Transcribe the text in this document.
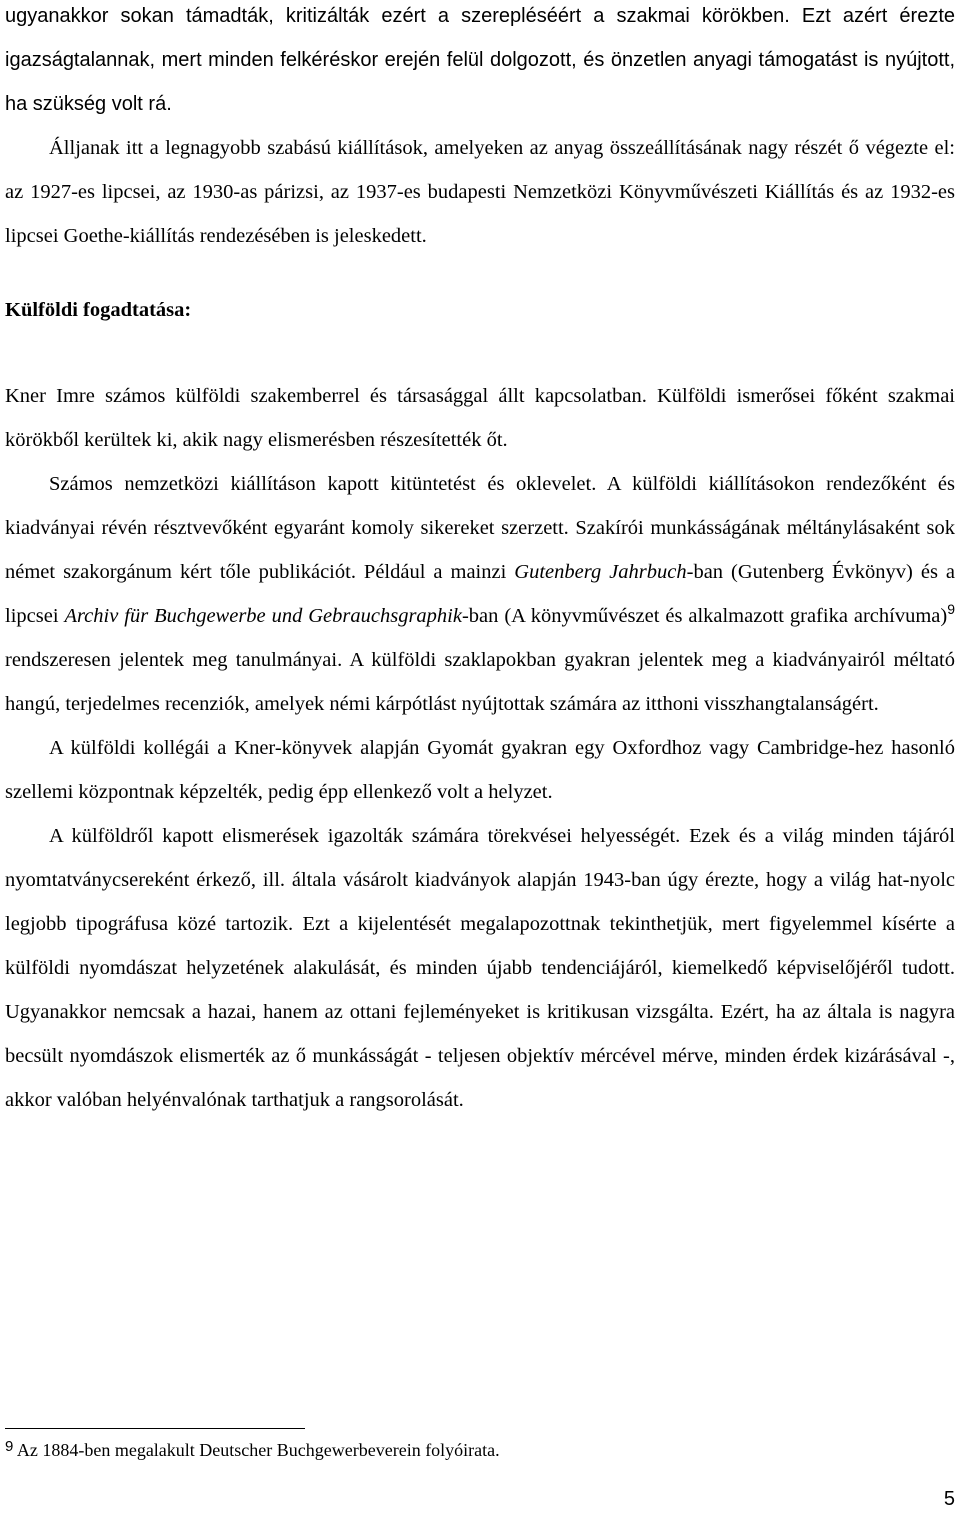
ugyanakkor sokan támadták, kritizálták ezért a szerepléséért a szakmai körökben. Ezt azért érezte igazságtalannak, mert minden felkéréskor erején felül dolgozott, és önzetlen anyagi támogatást is nyújtott, ha szükség volt rá.

Álljanak itt a legnagyobb szabású kiállítások, amelyeken az anyag összeállításának nagy részét ő végezte el: az 1927-es lipcsei, az 1930-as párizsi, az 1937-es budapesti Nemzetközi Könyvművészeti Kiállítás és az 1932-es lipcsei Goethe-kiállítás rendezésében is jeleskedett.

Külföldi fogadtatása:

Kner Imre számos külföldi szakemberrel és társasággal állt kapcsolatban. Külföldi ismerősei főként szakmai körökből kerültek ki, akik nagy elismerésben részesítették őt.

Számos nemzetközi kiállításon kapott kitüntetést és oklevelet. A külföldi kiállításokon rendezőként és kiadványai révén résztvevőként egyaránt komoly sikereket szerzett. Szakírói munkásságának méltánylásaként sok német szakorgánum kért tőle publikációt. Például a mainzi Gutenberg Jahrbuch-ban (Gutenberg Évkönyv) és a lipcsei Archiv für Buchgewerbe und Gebrauchsgraphik-ban (A könyvművészet és alkalmazott grafika archívuma)$^9$ rendszeresen jelentek meg tanulmányai. A külföldi szaklapokban gyakran jelentek meg a kiadványairól méltató hangú, terjedelmes recenziók, amelyek némi kárpótlást nyújtottak számára az itthoni visszhangtalanságért.

A külföldi kollégái a Kner-könyvek alapján Gyomát gyakran egy Oxfordhoz vagy Cambridge-hez hasonló szellemi központnak képzelték, pedig épp ellenkező volt a helyzet.

A külföldről kapott elismerések igazolták számára törekvései helyességét. Ezek és a világ minden tájáról nyomtatványcsereként érkező, ill. általa vásárolt kiadványok alapján 1943-ban úgy érezte, hogy a világ hat-nyolc legjobb tipográfusa közé tartozik. Ezt a kijelentését megalapozottnak tekinthetjük, mert figyelemmel kísérte a külföldi nyomdászat helyzetének alakulását, és minden újabb tendenciájáról, kiemelkedő képviselőjéről tudott. Ugyanakkor nemcsak a hazai, hanem az ottani fejleményeket is kritikusan vizsgálta. Ezért, ha az általa is nagyra becsült nyomdászok elismerték az ő munkásságát - teljesen objektív mércével mérve, minden érdek kizárásával -, akkor valóban helyénvalónak tarthatjuk a rangsorolását.

$^9$ Az 1884-ben megalakult Deutscher Buchgewerbeverein folyóirata.
5
